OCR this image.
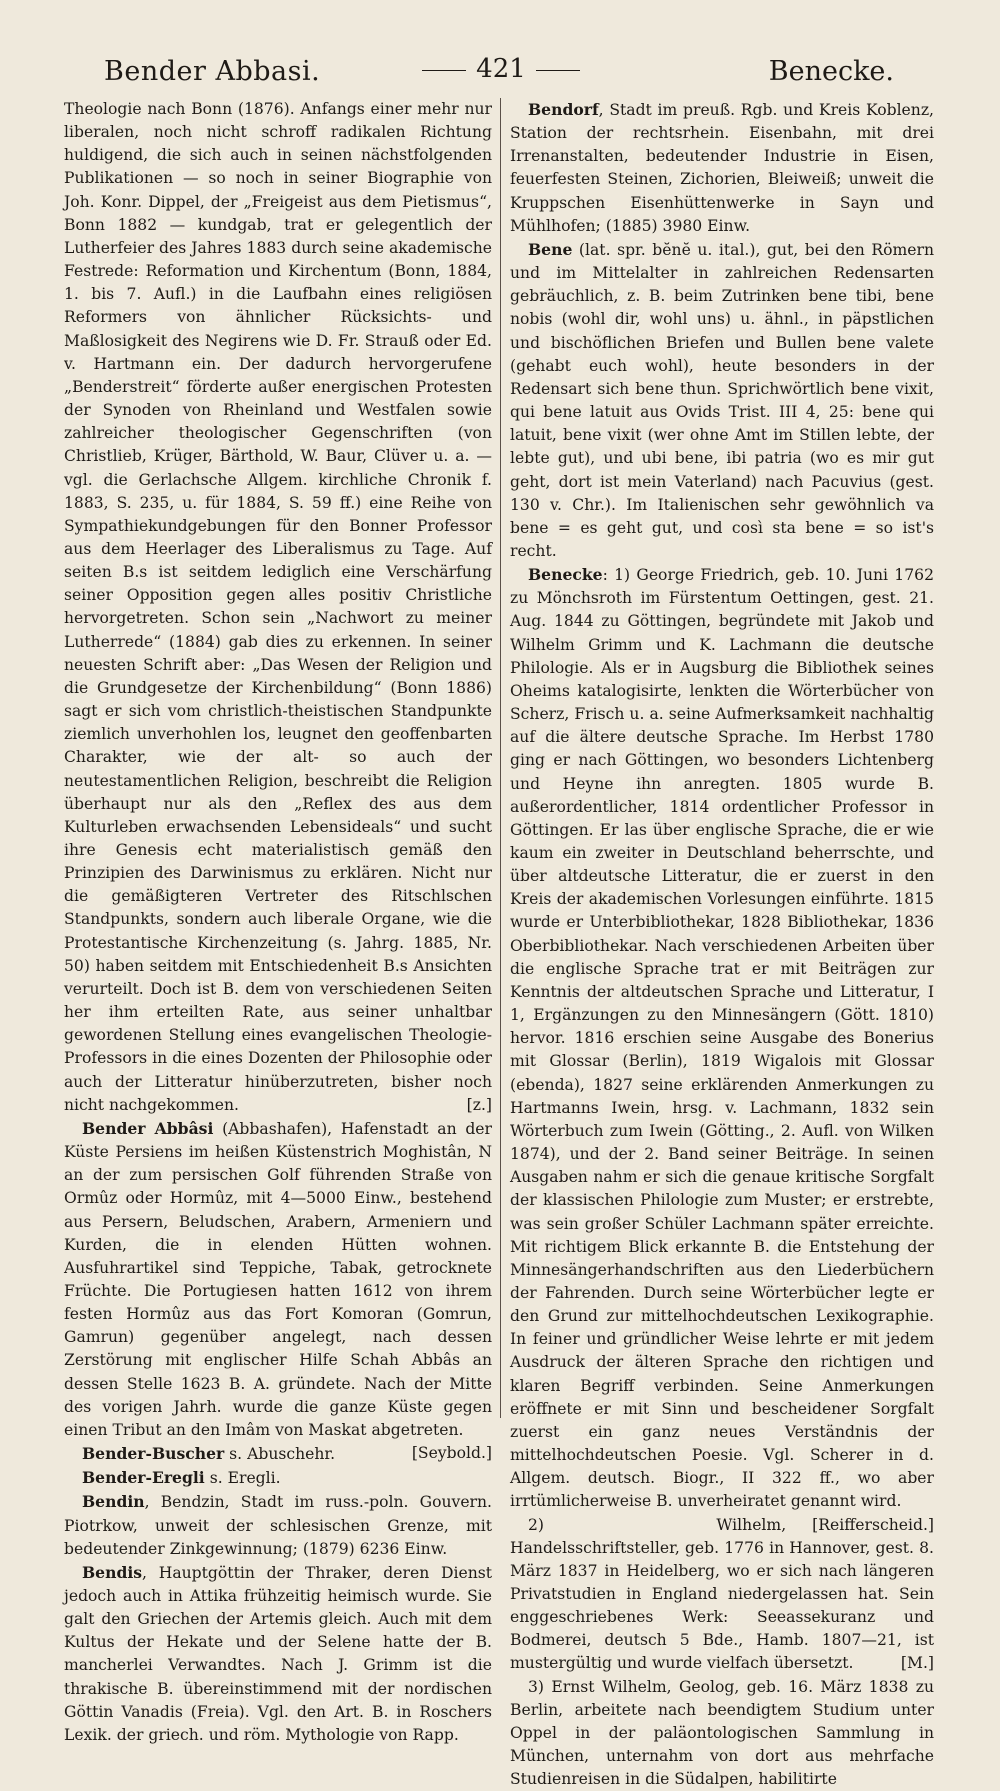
Bender Abbasi.	421	Benecke.

Theologie nach Bonn (1876). Anfangs einer mehr nur liberalen, noch nicht schroff radikalen Richtung huldigend, die sich auch in seinen nächstfolgenden Publikationen — so noch in seiner Biographie von Joh. Konr. Dippel, der „Freigeist aus dem Pietismus“, Bonn 1882 — kundgab, trat er gelegentlich der Lutherfeier des Jahres 1883 durch seine akademische Festrede: Reformation und Kirchentum (Bonn, 1884, 1. bis 7. Aufl.) in die Laufbahn eines religiösen Reformers von ähnlicher Rücksichts- und Maßlosigkeit des Negirens wie D. Fr. Strauß oder Ed. v. Hartmann ein. Der dadurch hervorgerufene „Benderstreit“ förderte außer energischen Protesten der Synoden von Rheinland und Westfalen sowie zahlreicher theologischer Gegenschriften (von Christlieb, Krüger, Bärthold, W. Baur, Clüver u. a. — vgl. die Gerlachsche Allgem. kirchliche Chronik f. 1883, S. 235, u. für 1884, S. 59 ff.) eine Reihe von Sympathiekundgebungen für den Bonner Professor aus dem Heerlager des Liberalismus zu Tage. Auf seiten B.s ist seitdem lediglich eine Verschärfung seiner Opposition gegen alles positiv Christliche hervorgetreten. Schon sein „Nachwort zu meiner Lutherrede“ (1884) gab dies zu erkennen. In seiner neuesten Schrift aber: „Das Wesen der Religion und die Grundgesetze der Kirchenbildung“ (Bonn 1886) sagt er sich vom christlich-theistischen Standpunkte ziemlich unverhohlen los, leugnet den geoffenbarten Charakter, wie der alt- so auch der neutestamentlichen Religion, beschreibt die Religion überhaupt nur als den „Reflex des aus dem Kulturleben erwachsenden Lebensideals“ und sucht ihre Genesis echt materialistisch gemäß den Prinzipien des Darwinismus zu erklären. Nicht nur die gemäßigteren Vertreter des Ritschlschen Standpunkts, sondern auch liberale Organe, wie die Protestantische Kirchenzeitung (s. Jahrg. 1885, Nr. 50) haben seitdem mit Entschiedenheit B.s Ansichten verurteilt. Doch ist B. dem von verschiedenen Seiten her ihm erteilten Rate, aus seiner unhaltbar gewordenen Stellung eines evangelischen Theologie-Professors in die eines Dozenten der Philosophie oder auch der Litteratur hinüberzutreten, bisher noch nicht nachgekommen.	[z.]

Bender Abbâsi (Abbashafen), Hafenstadt an der Küste Persiens im heißen Küstenstrich Moghistân, N an der zum persischen Golf führenden Straße von Ormûz oder Hormûz, mit 4—5000 Einw., bestehend aus Persern, Beludschen, Arabern, Armeniern und Kurden, die in elenden Hütten wohnen. Ausfuhrartikel sind Teppiche, Tabak, getrocknete Früchte. Die Portugiesen hatten 1612 von ihrem festen Hormûz aus das Fort Komoran (Gomrun, Gamrun) gegenüber angelegt, nach dessen Zerstörung mit englischer Hilfe Schah Abbâs an dessen Stelle 1623 B. A. gründete. Nach der Mitte des vorigen Jahrh. wurde die ganze Küste gegen einen Tribut an den Imâm von Maskat abgetreten.
[Seybold.]

Bender-Buscher s. Abuschehr.

Bender-Eregli s. Eregli.

Bendin, Bendzin, Stadt im russ.-poln. Gouvern. Piotrkow, unweit der schlesischen Grenze, mit bedeutender Zinkgewinnung; (1879) 6236 Einw.

Bendis, Hauptgöttin der Thraker, deren Dienst jedoch auch in Attika frühzeitig heimisch wurde. Sie galt den Griechen der Artemis gleich. Auch mit dem Kultus der Hekate und der Selene hatte der B. mancherlei Verwandtes. Nach J. Grimm ist die thrakische B. übereinstimmend mit der nordischen Göttin Vanadis (Freia). Vgl. den Art. B. in Roschers Lexik. der griech. und röm. Mythologie von Rapp.

Bendorf, Stadt im preuß. Rgb. und Kreis Koblenz, Station der rechtsrhein. Eisenbahn, mit drei Irrenanstalten, bedeutender Industrie in Eisen, feuerfesten Steinen, Zichorien, Bleiweiß; unweit die Kruppschen Eisenhüttenwerke in Sayn und Mühlhofen; (1885) 3980 Einw.

Bene (lat. spr. bĕnĕ u. ital.), gut, bei den Römern und im Mittelalter in zahlreichen Redensarten gebräuchlich, z. B. beim Zutrinken bene tibi, bene nobis (wohl dir, wohl uns) u. ähnl., in päpstlichen und bischöflichen Briefen und Bullen bene valete (gehabt euch wohl), heute besonders in der Redensart sich bene thun. Sprichwörtlich bene vixit, qui bene latuit aus Ovids Trist. III 4, 25: bene qui latuit, bene vixit (wer ohne Amt im Stillen lebte, der lebte gut), und ubi bene, ibi patria (wo es mir gut geht, dort ist mein Vaterland) nach Pacuvius (gest. 130 v. Chr.). Im Italienischen sehr gewöhnlich va bene = es geht gut, und così sta bene = so ist's recht.

Benecke: 1) George Friedrich, geb. 10. Juni 1762 zu Mönchsroth im Fürstentum Oettingen, gest. 21. Aug. 1844 zu Göttingen, begründete mit Jakob und Wilhelm Grimm und K. Lachmann die deutsche Philologie. Als er in Augsburg die Bibliothek seines Oheims katalogisirte, lenkten die Wörterbücher von Scherz, Frisch u. a. seine Aufmerksamkeit nachhaltig auf die ältere deutsche Sprache. Im Herbst 1780 ging er nach Göttingen, wo besonders Lichtenberg und Heyne ihn anregten. 1805 wurde B. außerordentlicher, 1814 ordentlicher Professor in Göttingen. Er las über englische Sprache, die er wie kaum ein zweiter in Deutschland beherrschte, und über altdeutsche Litteratur, die er zuerst in den Kreis der akademischen Vorlesungen einführte. 1815 wurde er Unterbibliothekar, 1828 Bibliothekar, 1836 Oberbibliothekar. Nach verschiedenen Arbeiten über die englische Sprache trat er mit Beiträgen zur Kenntnis der altdeutschen Sprache und Litteratur, I 1, Ergänzungen zu den Minnesängern (Gött. 1810) hervor. 1816 erschien seine Ausgabe des Bonerius mit Glossar (Berlin), 1819 Wigalois mit Glossar (ebenda), 1827 seine erklärenden Anmerkungen zu Hartmanns Iwein, hrsg. v. Lachmann, 1832 sein Wörterbuch zum Iwein (Götting., 2. Aufl. von Wilken 1874), und der 2. Band seiner Beiträge. In seinen Ausgaben nahm er sich die genaue kritische Sorgfalt der klassischen Philologie zum Muster; er erstrebte, was sein großer Schüler Lachmann später erreichte. Mit richtigem Blick erkannte B. die Entstehung der Minnesängerhandschriften aus den Liederbüchern der Fahrenden. Durch seine Wörterbücher legte er den Grund zur mittelhochdeutschen Lexikographie. In feiner und gründlicher Weise lehrte er mit jedem Ausdruck der älteren Sprache den richtigen und klaren Begriff verbinden. Seine Anmerkungen eröffnete er mit Sinn und bescheidener Sorgfalt zuerst ein ganz neues Verständnis der mittelhochdeutschen Poesie. Vgl. Scherer in d. Allgem. deutsch. Biogr., II 322 ff., wo aber irrtümlicherweise B. unverheiratet genannt wird.
[Reifferscheid.]

2) Wilhelm, Handelsschriftsteller, geb. 1776 in Hannover, gest. 8. März 1837 in Heidelberg, wo er sich nach längeren Privatstudien in England niedergelassen hat. Sein enggeschriebenes Werk: Seeassekuranz und Bodmerei, deutsch 5 Bde., Hamb. 1807—21, ist mustergültig und wurde vielfach übersetzt.	[M.]

3) Ernst Wilhelm, Geolog, geb. 16. März 1838 zu Berlin, arbeitete nach beendigtem Studium unter Oppel in der paläontologischen Sammlung in München, unternahm von dort aus mehrfache Studienreisen in die Südalpen, habilitirte
